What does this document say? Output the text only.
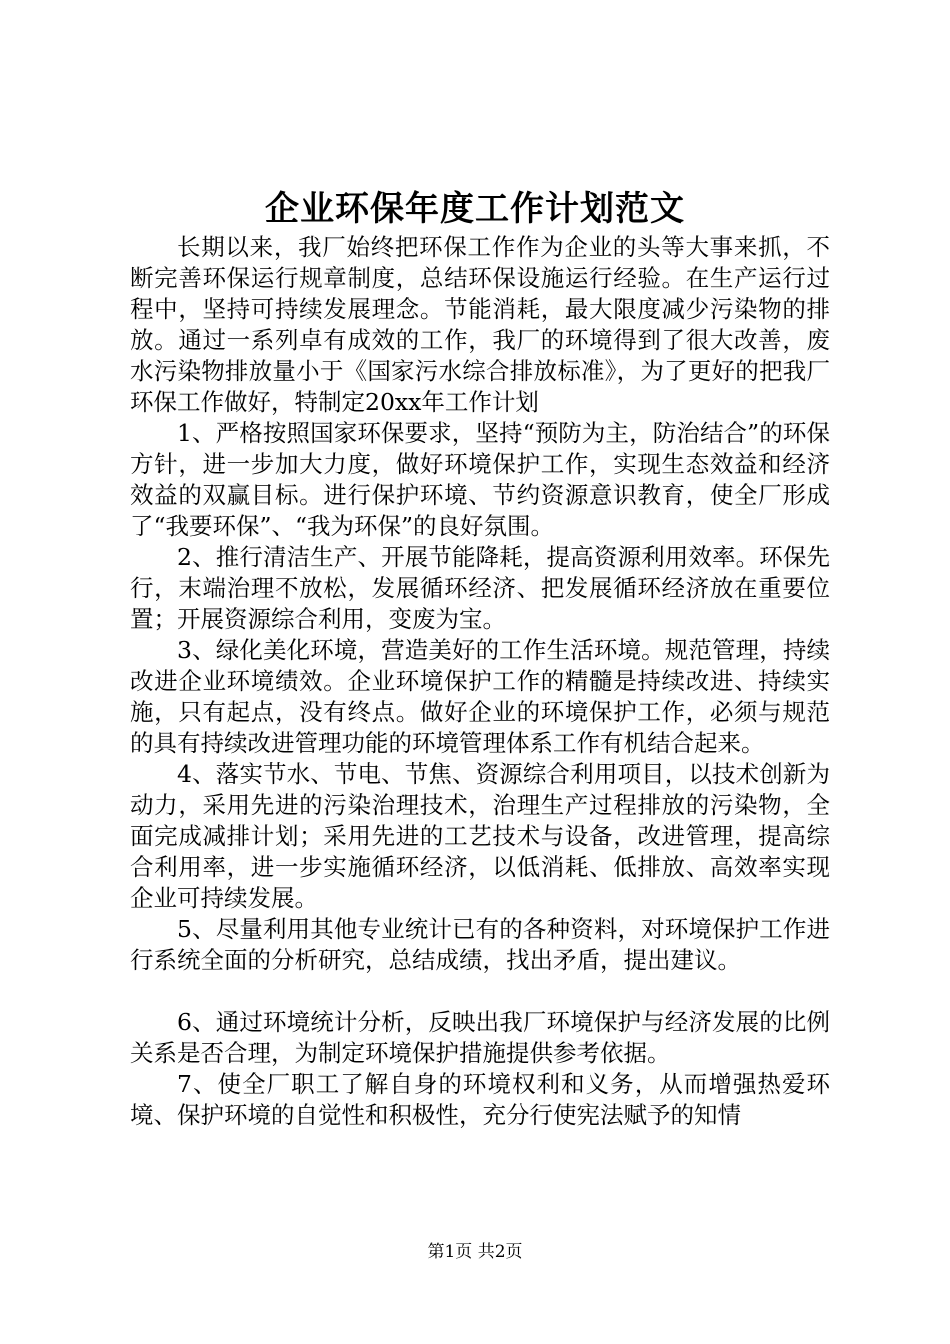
企业环保年度工作计划范文

长期以来，我厂始终把环保工作作为企业的头等大事来抓，不断完善环保运行规章制度，总结环保设施运行经验。在生产运行过程中，坚持可持续发展理念。节能消耗，最大限度减少污染物的排放。通过一系列卓有成效的工作，我厂的环境得到了很大改善，废水污染物排放量小于《国家污水综合排放标准》，为了更好的把我厂环保工作做好，特制定20xx年工作计划

1、严格按照国家环保要求，坚持“预防为主，防治结合”的环保方针，进一步加大力度，做好环境保护工作，实现生态效益和经济效益的双赢目标。进行保护环境、节约资源意识教育，使全厂形成了“我要环保”、“我为环保”的良好氛围。

2、推行清洁生产、开展节能降耗，提高资源利用效率。环保先行，末端治理不放松，发展循环经济、把发展循环经济放在重要位置；开展资源综合利用，变废为宝。

3、绿化美化环境，营造美好的工作生活环境。规范管理，持续改进企业环境绩效。企业环境保护工作的精髓是持续改进、持续实施，只有起点，没有终点。做好企业的环境保护工作，必须与规范的具有持续改进管理功能的环境管理体系工作有机结合起来。

4、落实节水、节电、节焦、资源综合利用项目，以技术创新为动力，采用先进的污染治理技术，治理生产过程排放的污染物，全面完成减排计划；采用先进的工艺技术与设备，改进管理，提高综合利用率，进一步实施循环经济，以低消耗、低排放、高效率实现企业可持续发展。

5、尽量利用其他专业统计已有的各种资料，对环境保护工作进行系统全面的分析研究，总结成绩，找出矛盾，提出建议。

6、通过环境统计分析，反映出我厂环境保护与经济发展的比例关系是否合理，为制定环境保护措施提供参考依据。

7、使全厂职工了解自身的环境权利和义务，从而增强热爱环境、保护环境的自觉性和积极性，充分行使宪法赋予的知情

第1页 共2页
